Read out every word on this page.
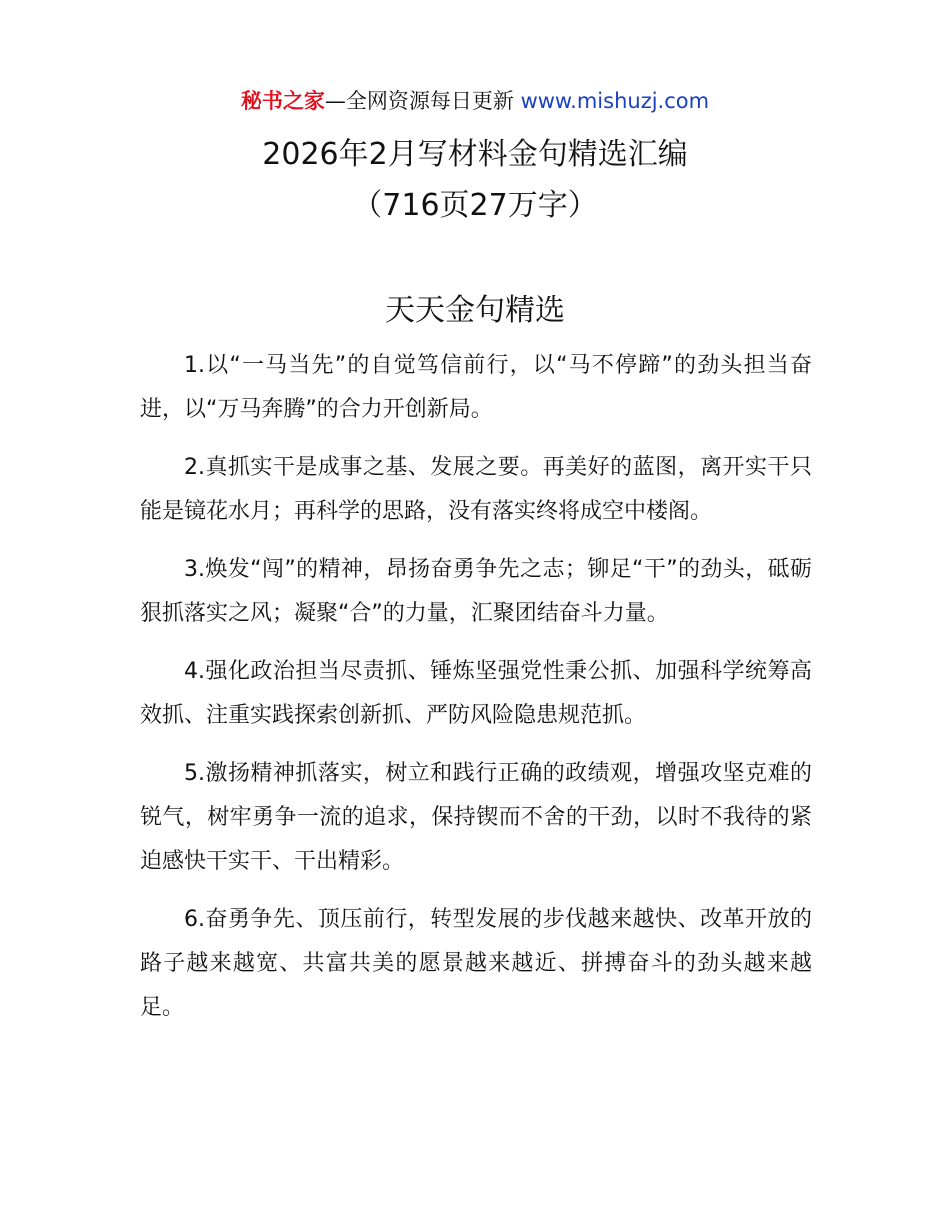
秘书之家—全网资源每日更新 www.mishuzj.com
2026年2月写材料金句精选汇编
（716页27万字）
天天金句精选

1.以“一马当先”的自觉笃信前行，以“马不停蹄”的劲头担当奋进，以“万马奔腾”的合力开创新局。

2.真抓实干是成事之基、发展之要。再美好的蓝图，离开实干只能是镜花水月；再科学的思路，没有落实终将成空中楼阁。

3.焕发“闯”的精神，昂扬奋勇争先之志；铆足“干”的劲头，砥砺狠抓落实之风；凝聚“合”的力量，汇聚团结奋斗力量。

4.强化政治担当尽责抓、锤炼坚强党性秉公抓、加强科学统筹高效抓、注重实践探索创新抓、严防风险隐患规范抓。

5.激扬精神抓落实，树立和践行正确的政绩观，增强攻坚克难的锐气，树牢勇争一流的追求，保持锲而不舍的干劲，以时不我待的紧迫感快干实干、干出精彩。

6.奋勇争先、顶压前行，转型发展的步伐越来越快、改革开放的路子越来越宽、共富共美的愿景越来越近、拼搏奋斗的劲头越来越足。
